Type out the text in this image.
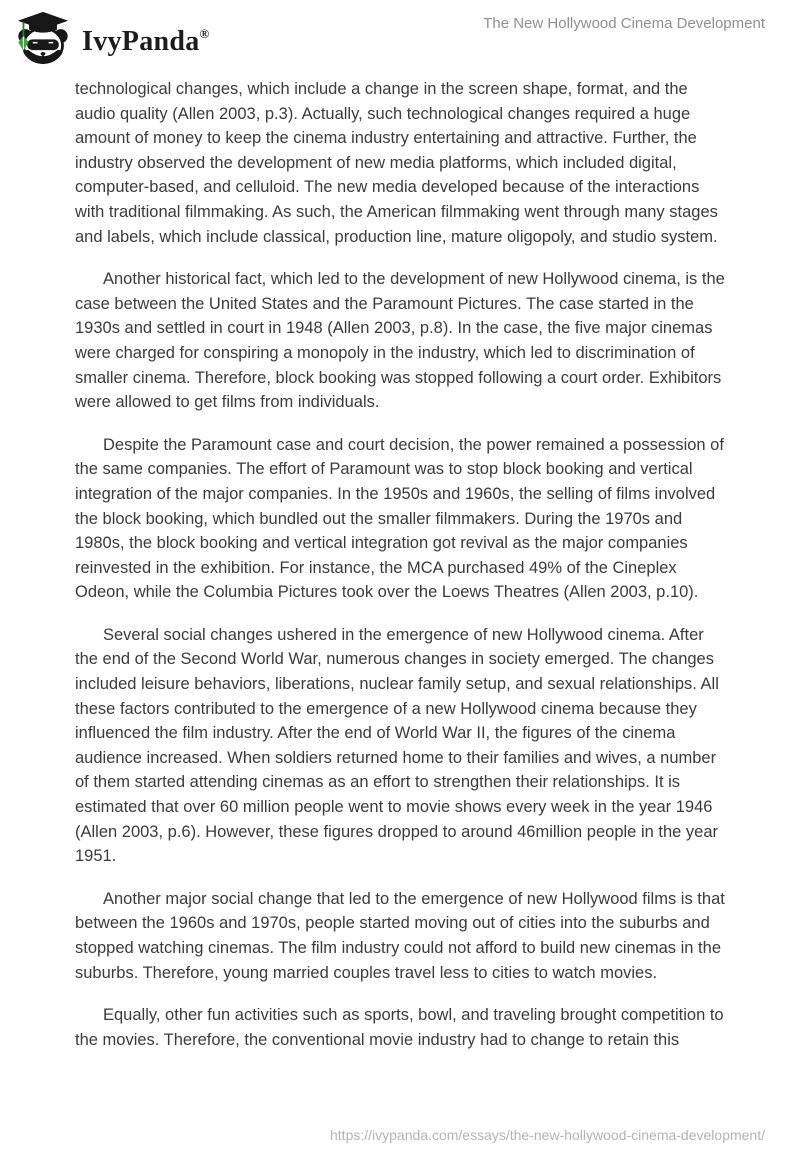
IvyPanda®
The New Hollywood Cinema Development

technological changes, which include a change in the screen shape, format, and the audio quality (Allen 2003, p.3). Actually, such technological changes required a huge amount of money to keep the cinema industry entertaining and attractive. Further, the industry observed the development of new media platforms, which included digital, computer-based, and celluloid. The new media developed because of the interactions with traditional filmmaking. As such, the American filmmaking went through many stages and labels, which include classical, production line, mature oligopoly, and studio system.

Another historical fact, which led to the development of new Hollywood cinema, is the case between the United States and the Paramount Pictures. The case started in the 1930s and settled in court in 1948 (Allen 2003, p.8). In the case, the five major cinemas were charged for conspiring a monopoly in the industry, which led to discrimination of smaller cinema. Therefore, block booking was stopped following a court order. Exhibitors were allowed to get films from individuals.

Despite the Paramount case and court decision, the power remained a possession of the same companies. The effort of Paramount was to stop block booking and vertical integration of the major companies. In the 1950s and 1960s, the selling of films involved the block booking, which bundled out the smaller filmmakers. During the 1970s and 1980s, the block booking and vertical integration got revival as the major companies reinvested in the exhibition. For instance, the MCA purchased 49% of the Cineplex Odeon, while the Columbia Pictures took over the Loews Theatres (Allen 2003, p.10).

Several social changes ushered in the emergence of new Hollywood cinema. After the end of the Second World War, numerous changes in society emerged. The changes included leisure behaviors, liberations, nuclear family setup, and sexual relationships. All these factors contributed to the emergence of a new Hollywood cinema because they influenced the film industry. After the end of World War II, the figures of the cinema audience increased. When soldiers returned home to their families and wives, a number of them started attending cinemas as an effort to strengthen their relationships. It is estimated that over 60 million people went to movie shows every week in the year 1946 (Allen 2003, p.6). However, these figures dropped to around 46million people in the year 1951.

Another major social change that led to the emergence of new Hollywood films is that between the 1960s and 1970s, people started moving out of cities into the suburbs and stopped watching cinemas. The film industry could not afford to build new cinemas in the suburbs. Therefore, young married couples travel less to cities to watch movies.

Equally, other fun activities such as sports, bowl, and traveling brought competition to the movies. Therefore, the conventional movie industry had to change to retain this

https://ivypanda.com/essays/the-new-hollywood-cinema-development/
